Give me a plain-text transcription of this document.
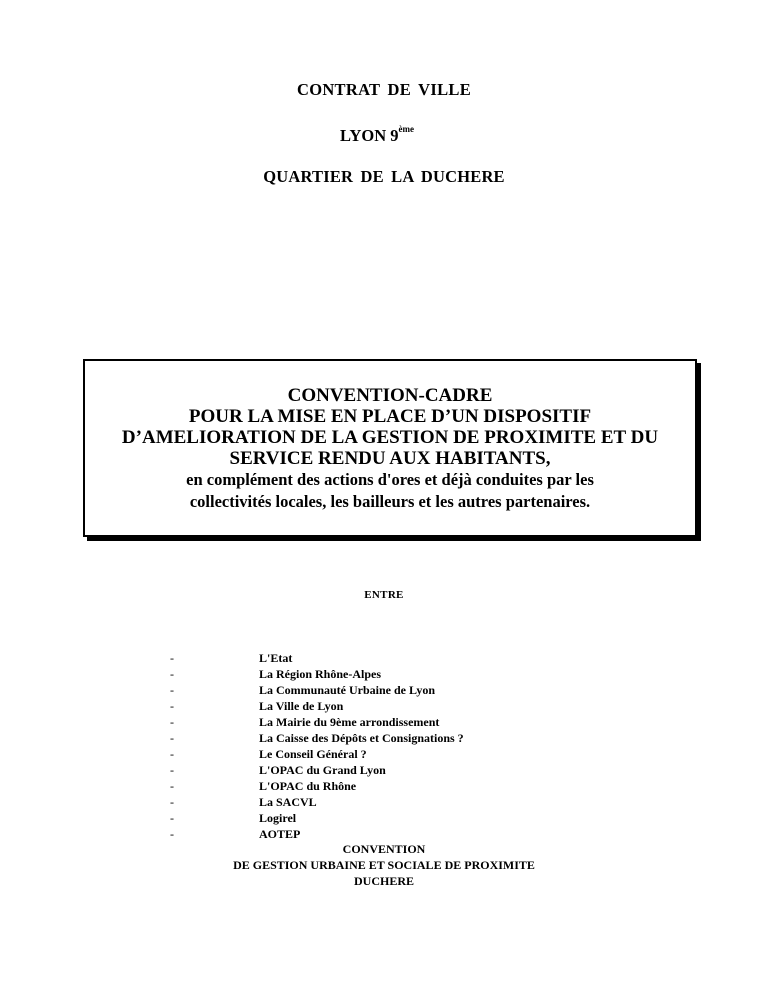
CONTRAT DE VILLE
LYON 9ème
QUARTIER DE LA DUCHERE
CONVENTION-CADRE
POUR LA MISE EN PLACE D’UN DISPOSITIF
D’AMELIORATION DE LA GESTION DE PROXIMITE ET DU
SERVICE RENDU AUX HABITANTS,
en complément des actions d'ores et déjà conduites par les
collectivités locales, les bailleurs et les autres partenaires.
ENTRE
-	L'Etat
-	La Région Rhône-Alpes
-	La Communauté Urbaine de Lyon
-	La Ville de Lyon
-	La Mairie du 9ème arrondissement
-	La Caisse des Dépôts et Consignations ?
-	Le Conseil Général ?
-	L'OPAC du Grand Lyon
-	L'OPAC du Rhône
-	La SACVL
-	Logirel
-	AOTEP
CONVENTION
DE GESTION URBAINE ET SOCIALE DE PROXIMITE
DUCHERE
